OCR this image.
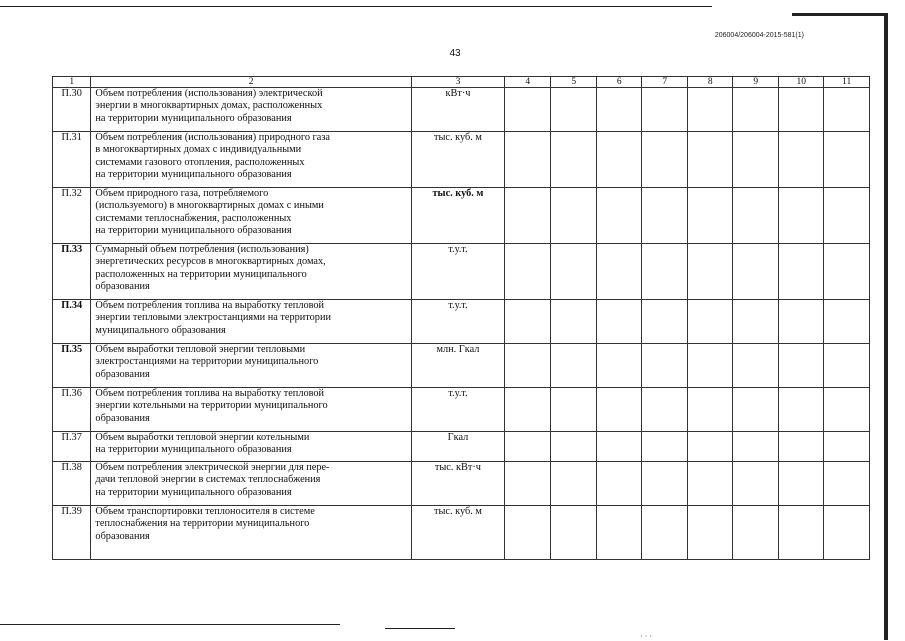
· · ·
206004/206004-2015-581(1)
43
1	2	3	4	5	6	7	8	9	10	11
П.30	Объем потребления (использования) электрической
энергии в многоквартирных домах, расположенных
на территории муниципального образования	кВт·ч								
П.31	Объем потребления (использования) природного газа
в многоквартирных домах с индивидуальными
системами газового отопления, расположенных
на территории муниципального образования	тыс. куб. м								
П.32	Объем природного газа, потребляемого
(используемого) в многоквартирных домах с иными
системами теплоснабжения, расположенных
на территории муниципального образования	тыс. куб. м								
П.33	Суммарный объем потребления (использования)
энергетических ресурсов в многоквартирных домах,
расположенных на территории муниципального
образования	т.у.т.								
П.34	Объем потребления топлива на выработку тепловой
энергии тепловыми электростанциями на территории
муниципального образования	т.у.т.								
П.35	Объем выработки тепловой энергии тепловыми
электростанциями на территории муниципального
образования	млн. Гкал								
П.36	Объем потребления топлива на выработку тепловой
энергии котельными на территории муниципального
образования	т.у.т.								
П.37	Объем выработки тепловой энергии котельными
на территории муниципального образования	Гкал								
П.38	Объем потребления электрической энергии для пере-
дачи тепловой энергии в системах теплоснабжения
на территории муниципального образования	тыс. кВт·ч								
П.39	Объем транспортировки теплоносителя в системе
теплоснабжения на территории муниципального
образования	тыс. куб. м								
